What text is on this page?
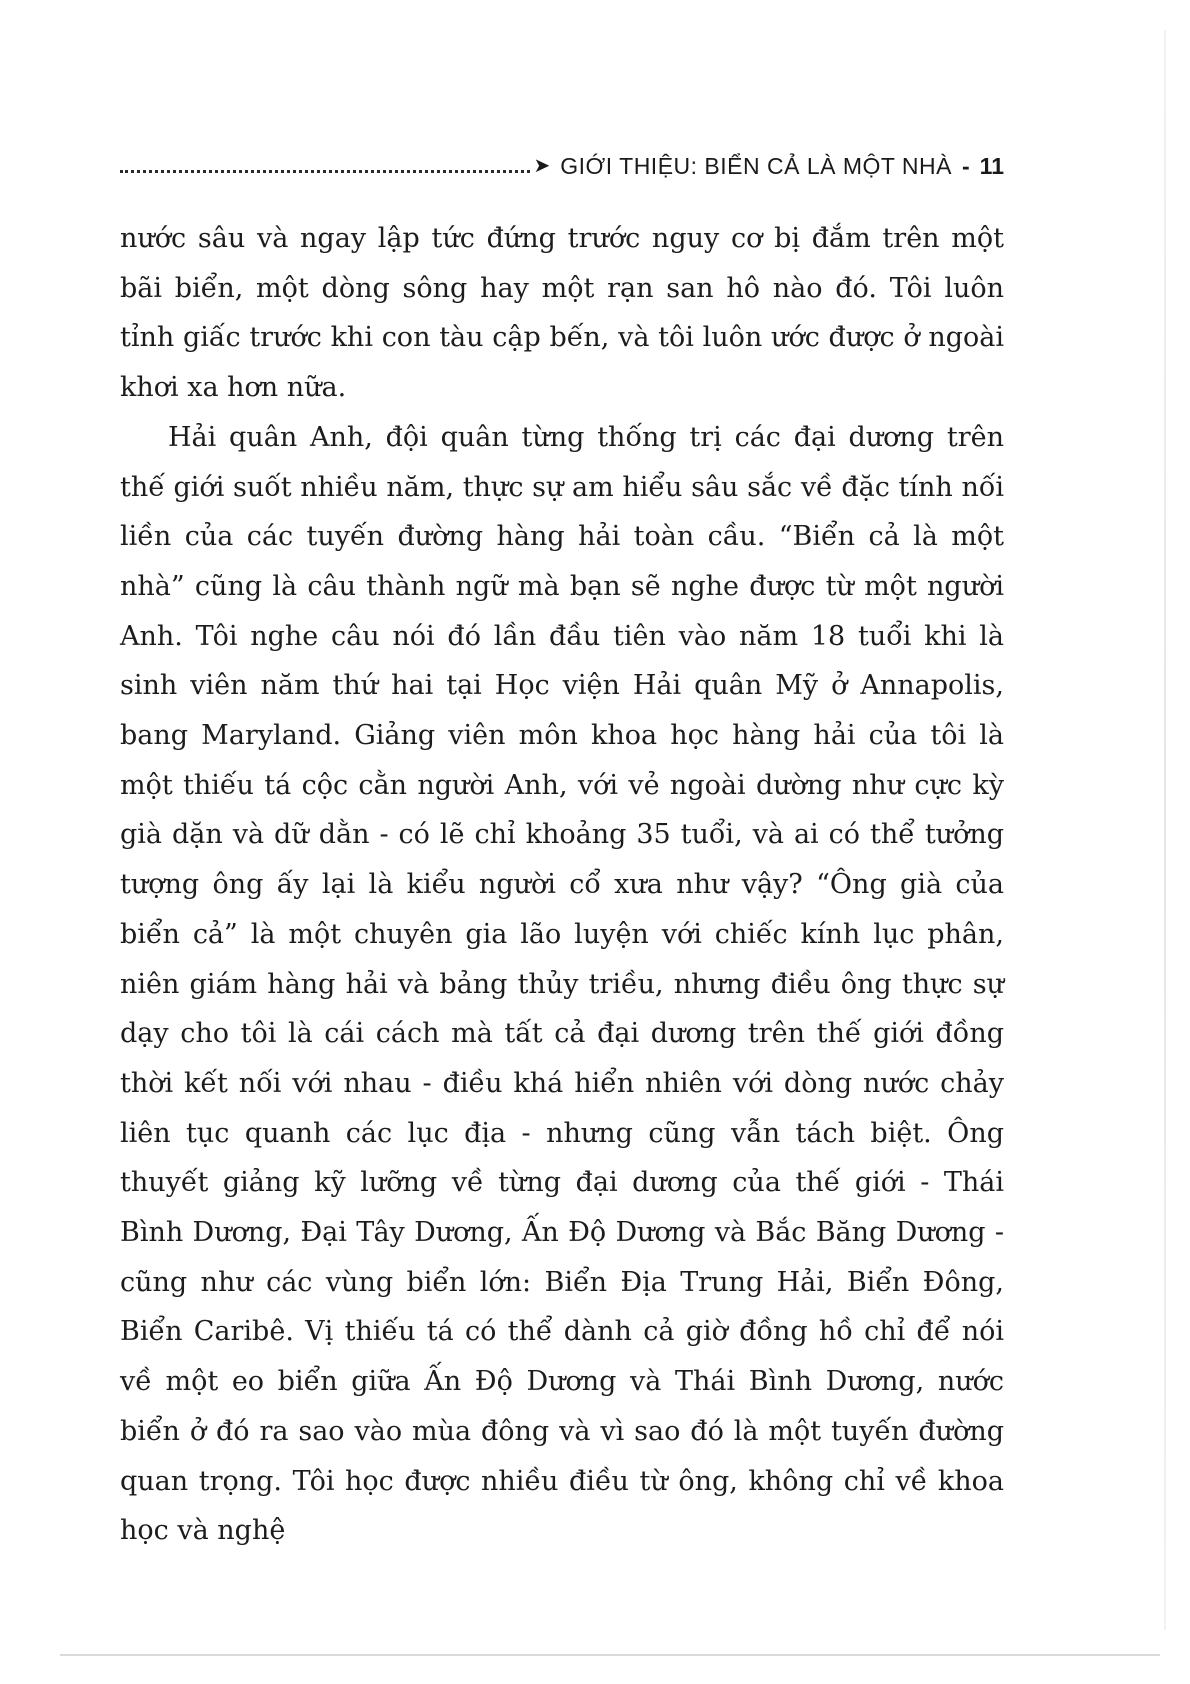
➤ GIỚI THIỆU: BIỂN CẢ LÀ MỘT NHÀ - 11

nước sâu và ngay lập tức đứng trước nguy cơ bị đắm trên một bãi biển, một dòng sông hay một rạn san hô nào đó. Tôi luôn tỉnh giấc trước khi con tàu cập bến, và tôi luôn ước được ở ngoài khơi xa hơn nữa.

Hải quân Anh, đội quân từng thống trị các đại dương trên thế giới suốt nhiều năm, thực sự am hiểu sâu sắc về đặc tính nối liền của các tuyến đường hàng hải toàn cầu. “Biển cả là một nhà” cũng là câu thành ngữ mà bạn sẽ nghe được từ một người Anh. Tôi nghe câu nói đó lần đầu tiên vào năm 18 tuổi khi là sinh viên năm thứ hai tại Học viện Hải quân Mỹ ở Annapolis, bang Maryland. Giảng viên môn khoa học hàng hải của tôi là một thiếu tá cộc cằn người Anh, với vẻ ngoài dường như cực kỳ già dặn và dữ dằn - có lẽ chỉ khoảng 35 tuổi, và ai có thể tưởng tượng ông ấy lại là kiểu người cổ xưa như vậy? “Ông già của biển cả” là một chuyên gia lão luyện với chiếc kính lục phân, niên giám hàng hải và bảng thủy triều, nhưng điều ông thực sự dạy cho tôi là cái cách mà tất cả đại dương trên thế giới đồng thời kết nối với nhau - điều khá hiển nhiên với dòng nước chảy liên tục quanh các lục địa - nhưng cũng vẫn tách biệt. Ông thuyết giảng kỹ lưỡng về từng đại dương của thế giới - Thái Bình Dương, Đại Tây Dương, Ấn Độ Dương và Bắc Băng Dương - cũng như các vùng biển lớn: Biển Địa Trung Hải, Biển Đông, Biển Caribê. Vị thiếu tá có thể dành cả giờ đồng hồ chỉ để nói về một eo biển giữa Ấn Độ Dương và Thái Bình Dương, nước biển ở đó ra sao vào mùa đông và vì sao đó là một tuyến đường quan trọng. Tôi học được nhiều điều từ ông, không chỉ về khoa học và nghệ
